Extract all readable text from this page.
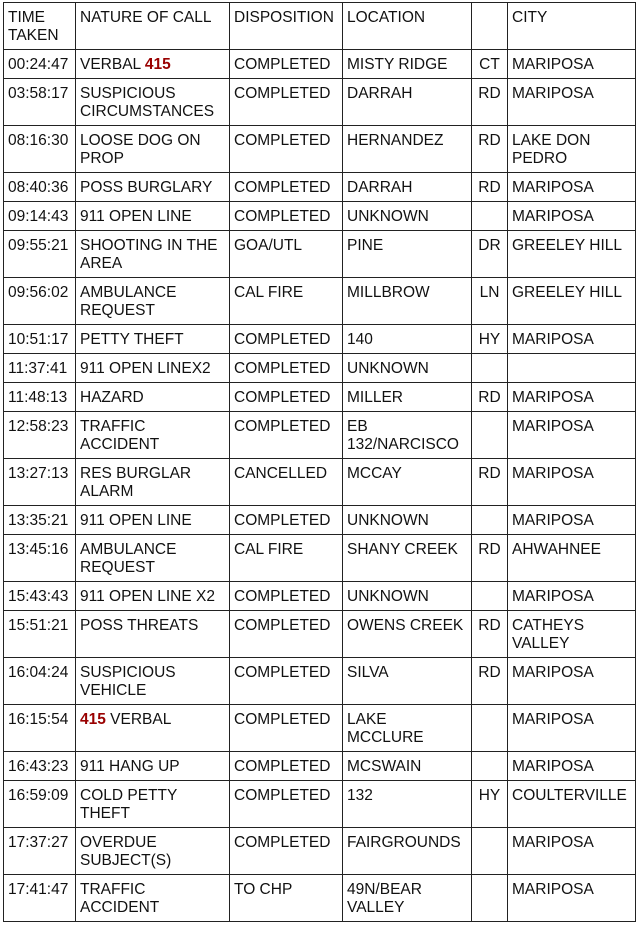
TIME TAKEN	NATURE OF CALL	DISPOSITION	LOCATION		CITY
00:24:47	VERBAL 415	COMPLETED	MISTY RIDGE	CT	MARIPOSA
03:58:17	SUSPICIOUS CIRCUMSTANCES	COMPLETED	DARRAH	RD	MARIPOSA
08:16:30	LOOSE DOG ON PROP	COMPLETED	HERNANDEZ	RD	LAKE DON PEDRO
08:40:36	POSS BURGLARY	COMPLETED	DARRAH	RD	MARIPOSA
09:14:43	911 OPEN LINE	COMPLETED	UNKNOWN		MARIPOSA
09:55:21	SHOOTING IN THE AREA	GOA/UTL	PINE	DR	GREELEY HILL
09:56:02	AMBULANCE REQUEST	CAL FIRE	MILLBROW	LN	GREELEY HILL
10:51:17	PETTY THEFT	COMPLETED	140	HY	MARIPOSA
11:37:41	911 OPEN LINEX2	COMPLETED	UNKNOWN		
11:48:13	HAZARD	COMPLETED	MILLER	RD	MARIPOSA
12:58:23	TRAFFIC ACCIDENT	COMPLETED	EB 132/NARCISCO		MARIPOSA
13:27:13	RES BURGLAR ALARM	CANCELLED	MCCAY	RD	MARIPOSA
13:35:21	911 OPEN LINE	COMPLETED	UNKNOWN		MARIPOSA
13:45:16	AMBULANCE REQUEST	CAL FIRE	SHANY CREEK	RD	AHWAHNEE
15:43:43	911 OPEN LINE X2	COMPLETED	UNKNOWN		MARIPOSA
15:51:21	POSS THREATS	COMPLETED	OWENS CREEK	RD	CATHEYS VALLEY
16:04:24	SUSPICIOUS VEHICLE	COMPLETED	SILVA	RD	MARIPOSA
16:15:54	415 VERBAL	COMPLETED	LAKE MCCLURE		MARIPOSA
16:43:23	911 HANG UP	COMPLETED	MCSWAIN		MARIPOSA
16:59:09	COLD PETTY THEFT	COMPLETED	132	HY	COULTERVILLE
17:37:27	OVERDUE SUBJECT(S)	COMPLETED	FAIRGROUNDS		MARIPOSA
17:41:47	TRAFFIC ACCIDENT	TO CHP	49N/BEAR VALLEY		MARIPOSA
